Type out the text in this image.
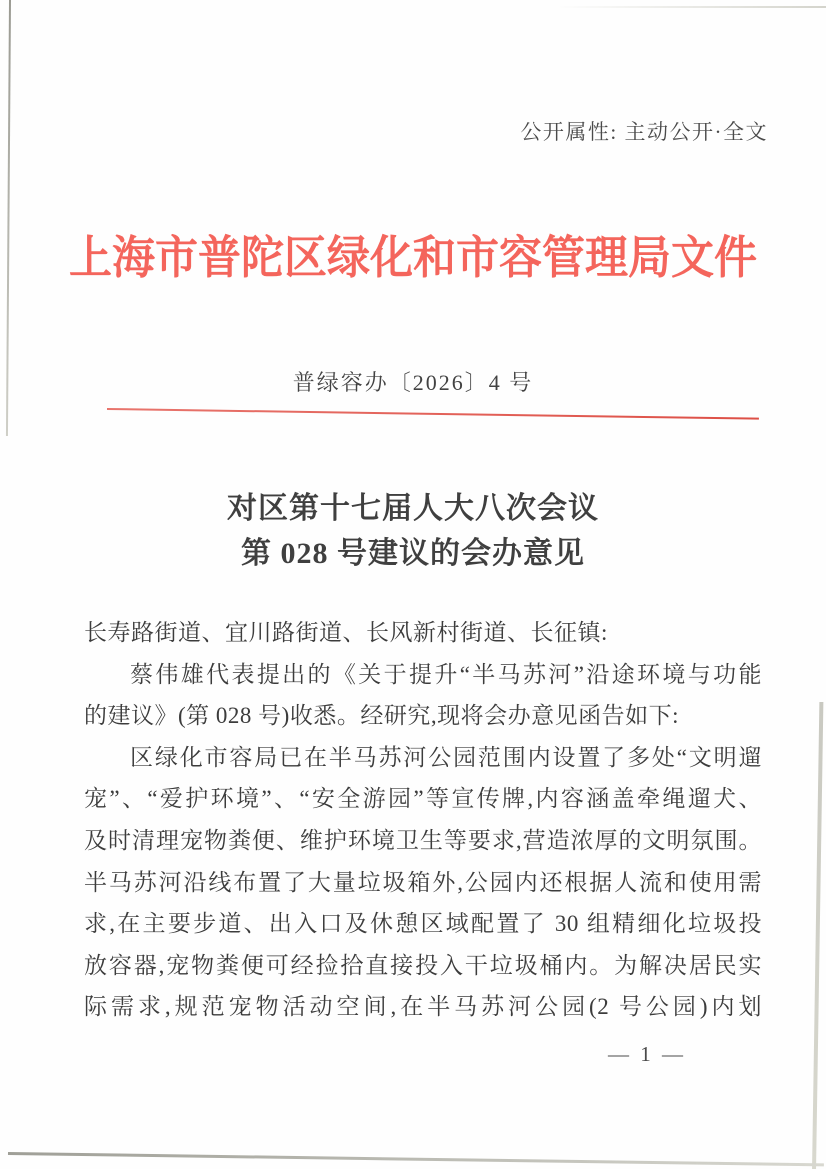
公开属性: 主动公开·全文
上海市普陀区绿化和市容管理局文件
普绿容办〔2026〕4 号
对区第十七届人大八次会议
第 028 号建议的会办意见
长寿路街道、宜川路街道、长风新村街道、长征镇:
蔡伟雄代表提出的《关于提升“半马苏河”沿途环境与功能
的建议》(第 028 号)收悉。经研究,现将会办意见函告如下:
区绿化市容局已在半马苏河公园范围内设置了多处“文明遛
宠”、“爱护环境”、“安全游园”等宣传牌,内容涵盖牵绳遛犬、
及时清理宠物粪便、维护环境卫生等要求,营造浓厚的文明氛围。
半马苏河沿线布置了大量垃圾箱外,公园内还根据人流和使用需
求,在主要步道、出入口及休憩区域配置了 30 组精细化垃圾投
放容器,宠物粪便可经捡拾直接投入干垃圾桶内。为解决居民实
际需求,规范宠物活动空间,在半马苏河公园(2 号公园)内划
— 1 —
